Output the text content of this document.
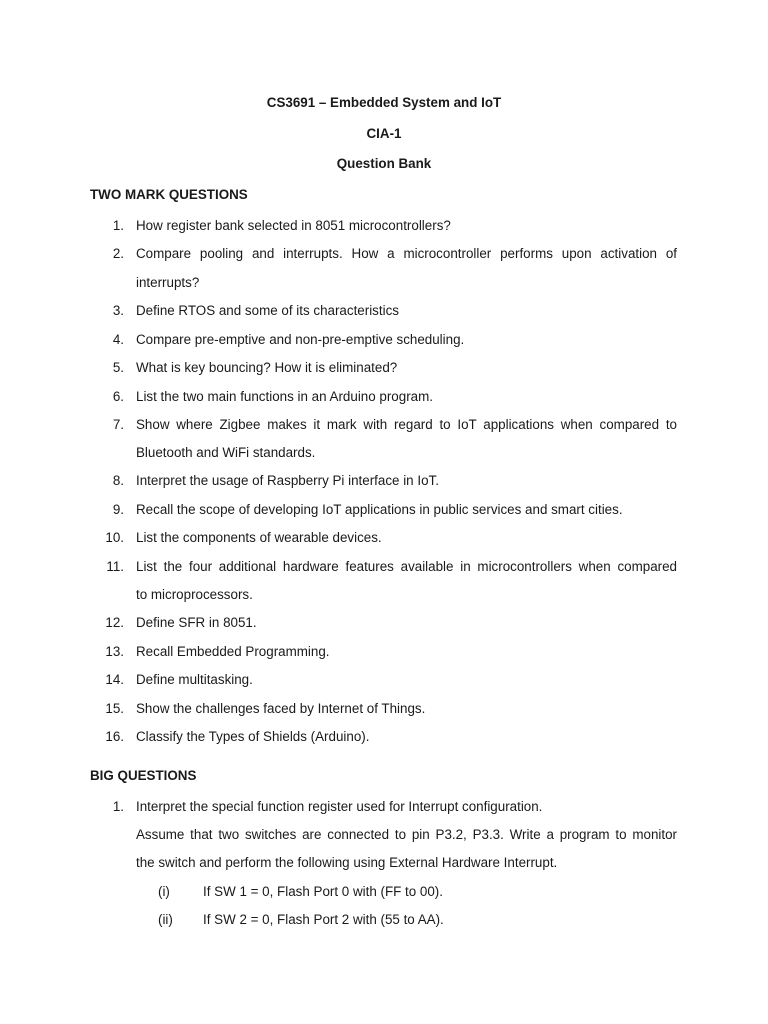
CS3691 – Embedded System and IoT
CIA-1
Question Bank
TWO MARK QUESTIONS
1. How register bank selected in 8051 microcontrollers?
2. Compare pooling and interrupts. How a microcontroller performs upon activation of
interrupts?
3. Define RTOS and some of its characteristics
4. Compare pre-emptive and non-pre-emptive scheduling.
5. What is key bouncing? How it is eliminated?
6. List the two main functions in an Arduino program.
7. Show where Zigbee makes it mark with regard to IoT applications when compared to
Bluetooth and WiFi standards.
8. Interpret the usage of Raspberry Pi interface in IoT.
9. Recall the scope of developing IoT applications in public services and smart cities.
10. List the components of wearable devices.
11. List the four additional hardware features available in microcontrollers when compared
to microprocessors.
12. Define SFR in 8051.
13. Recall Embedded Programming.
14. Define multitasking.
15. Show the challenges faced by Internet of Things.
16. Classify the Types of Shields (Arduino).
BIG QUESTIONS
1. Interpret the special function register used for Interrupt configuration.
Assume that two switches are connected to pin P3.2, P3.3. Write a program to monitor
the switch and perform the following using External Hardware Interrupt.
(i) If SW 1 = 0, Flash Port 0 with (FF to 00).
(ii) If SW 2 = 0, Flash Port 2 with (55 to AA).
